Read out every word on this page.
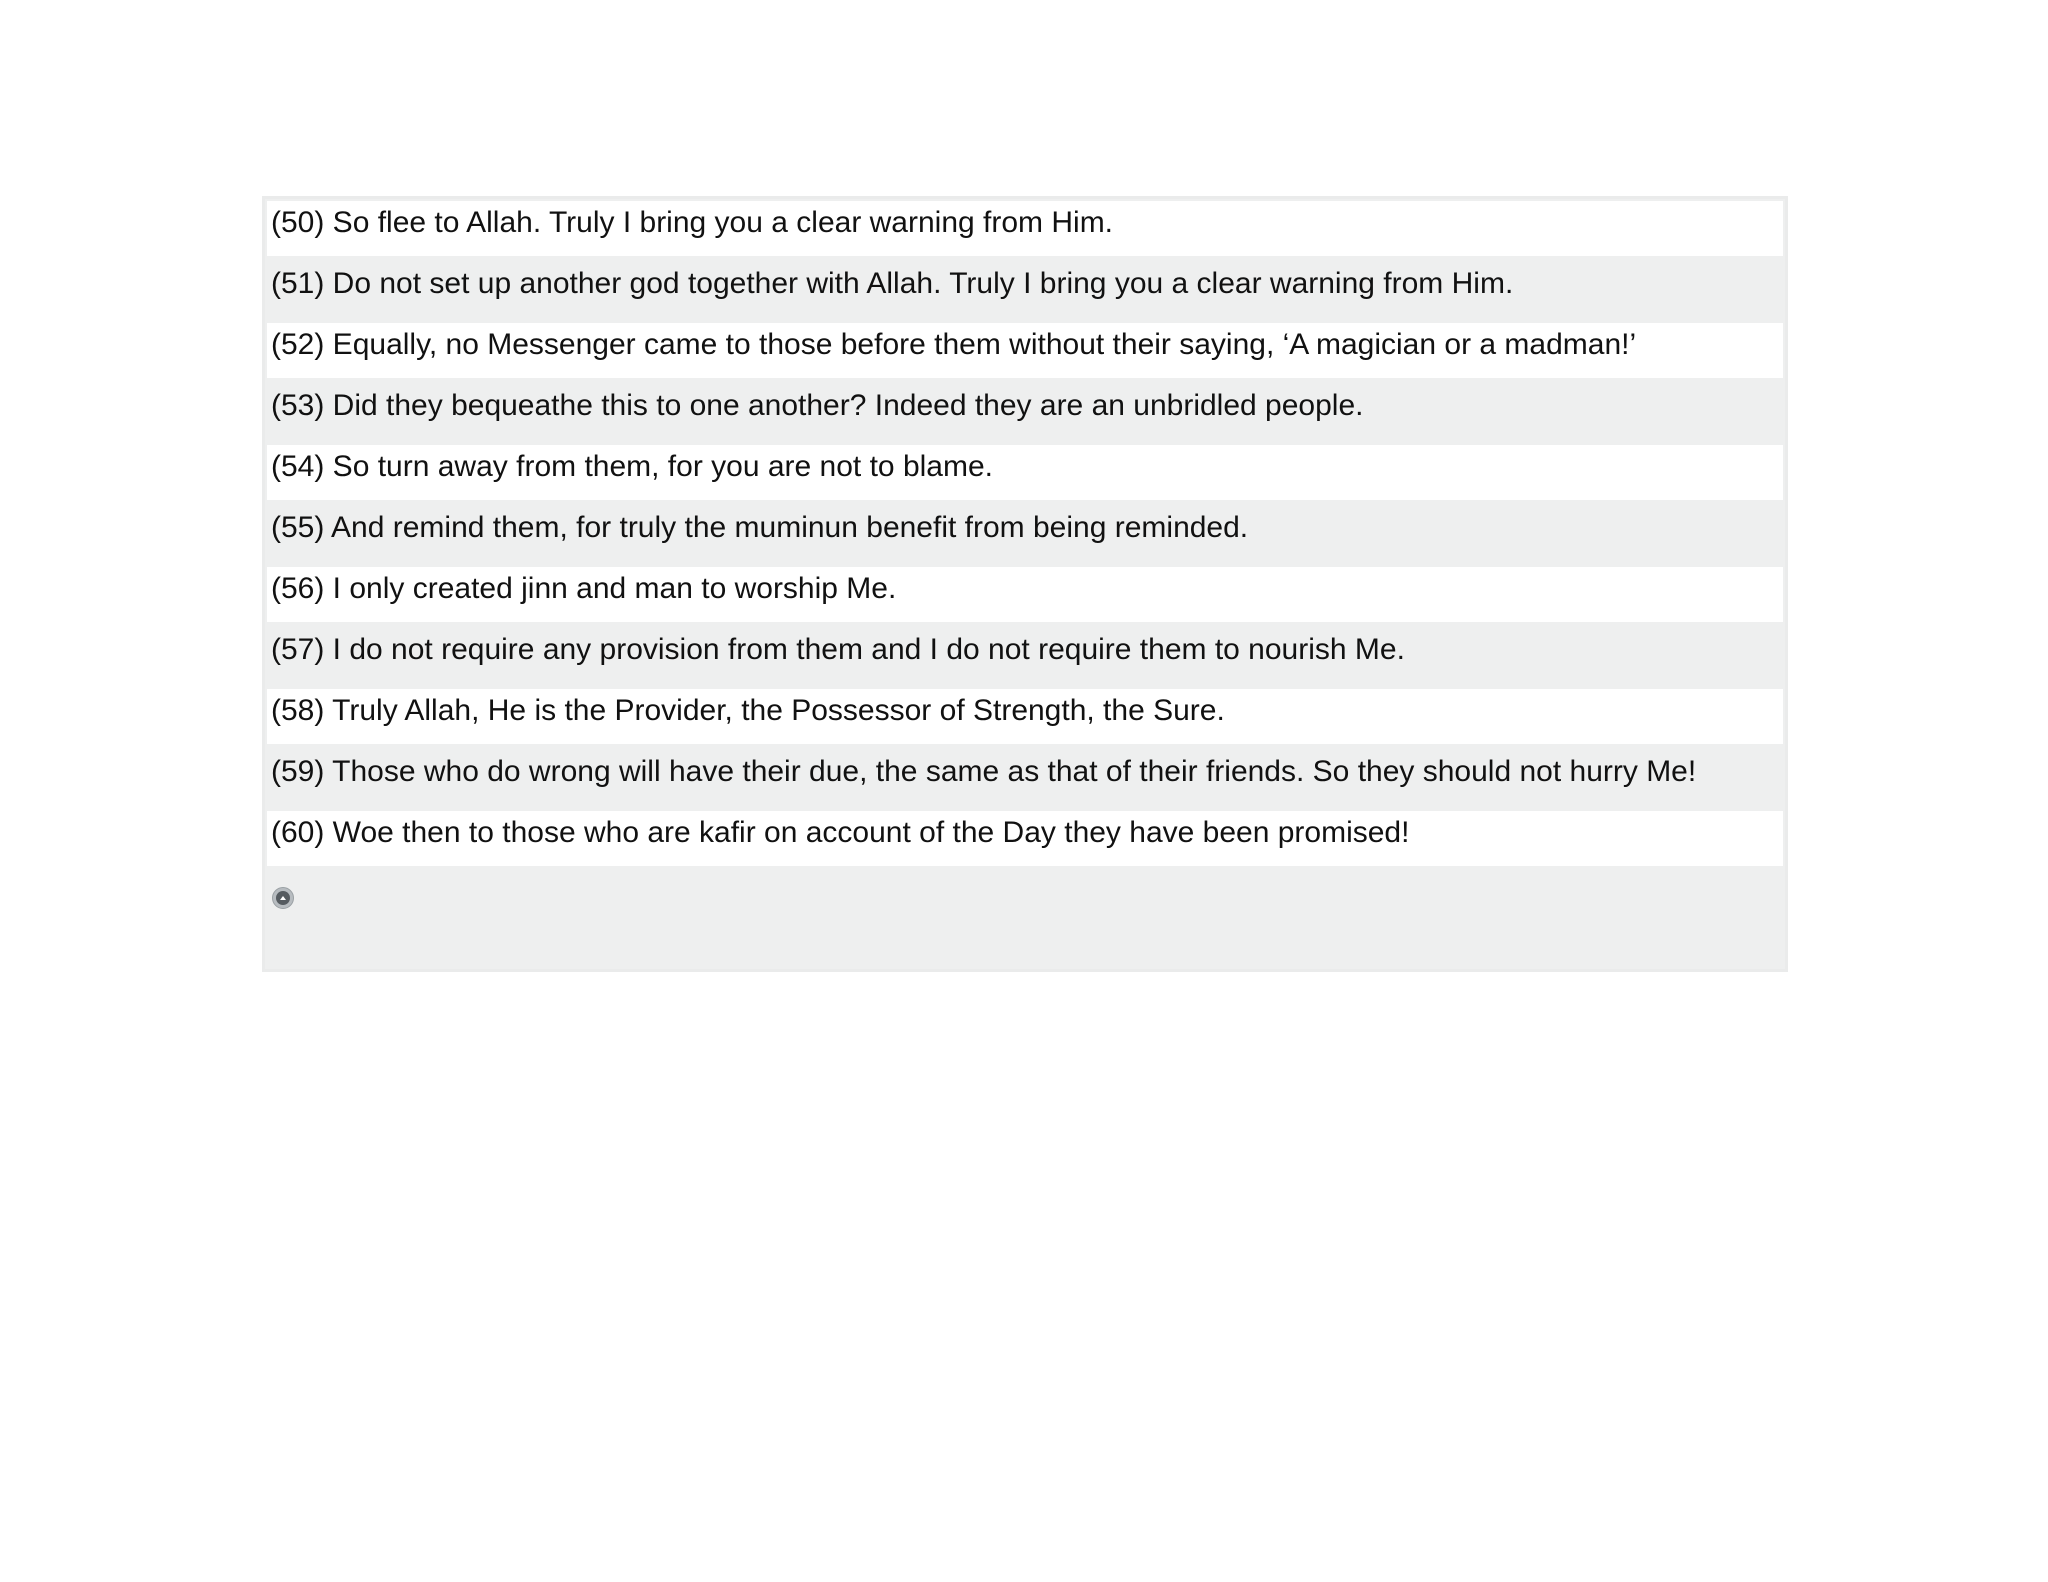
(50) So flee to Allah. Truly I bring you a clear warning from Him.
(51) Do not set up another god together with Allah. Truly I bring you a clear warning from Him.
(52) Equally, no Messenger came to those before them without their saying, ‘A magician or a madman!’
(53) Did they bequeathe this to one another? Indeed they are an unbridled people.
(54) So turn away from them, for you are not to blame.
(55) And remind them, for truly the muminun benefit from being reminded.
(56) I only created jinn and man to worship Me.
(57) I do not require any provision from them and I do not require them to nourish Me.
(58) Truly Allah, He is the Provider, the Possessor of Strength, the Sure.
(59) Those who do wrong will have their due, the same as that of their friends. So they should not hurry Me!
(60) Woe then to those who are kafir on account of the Day they have been promised!
